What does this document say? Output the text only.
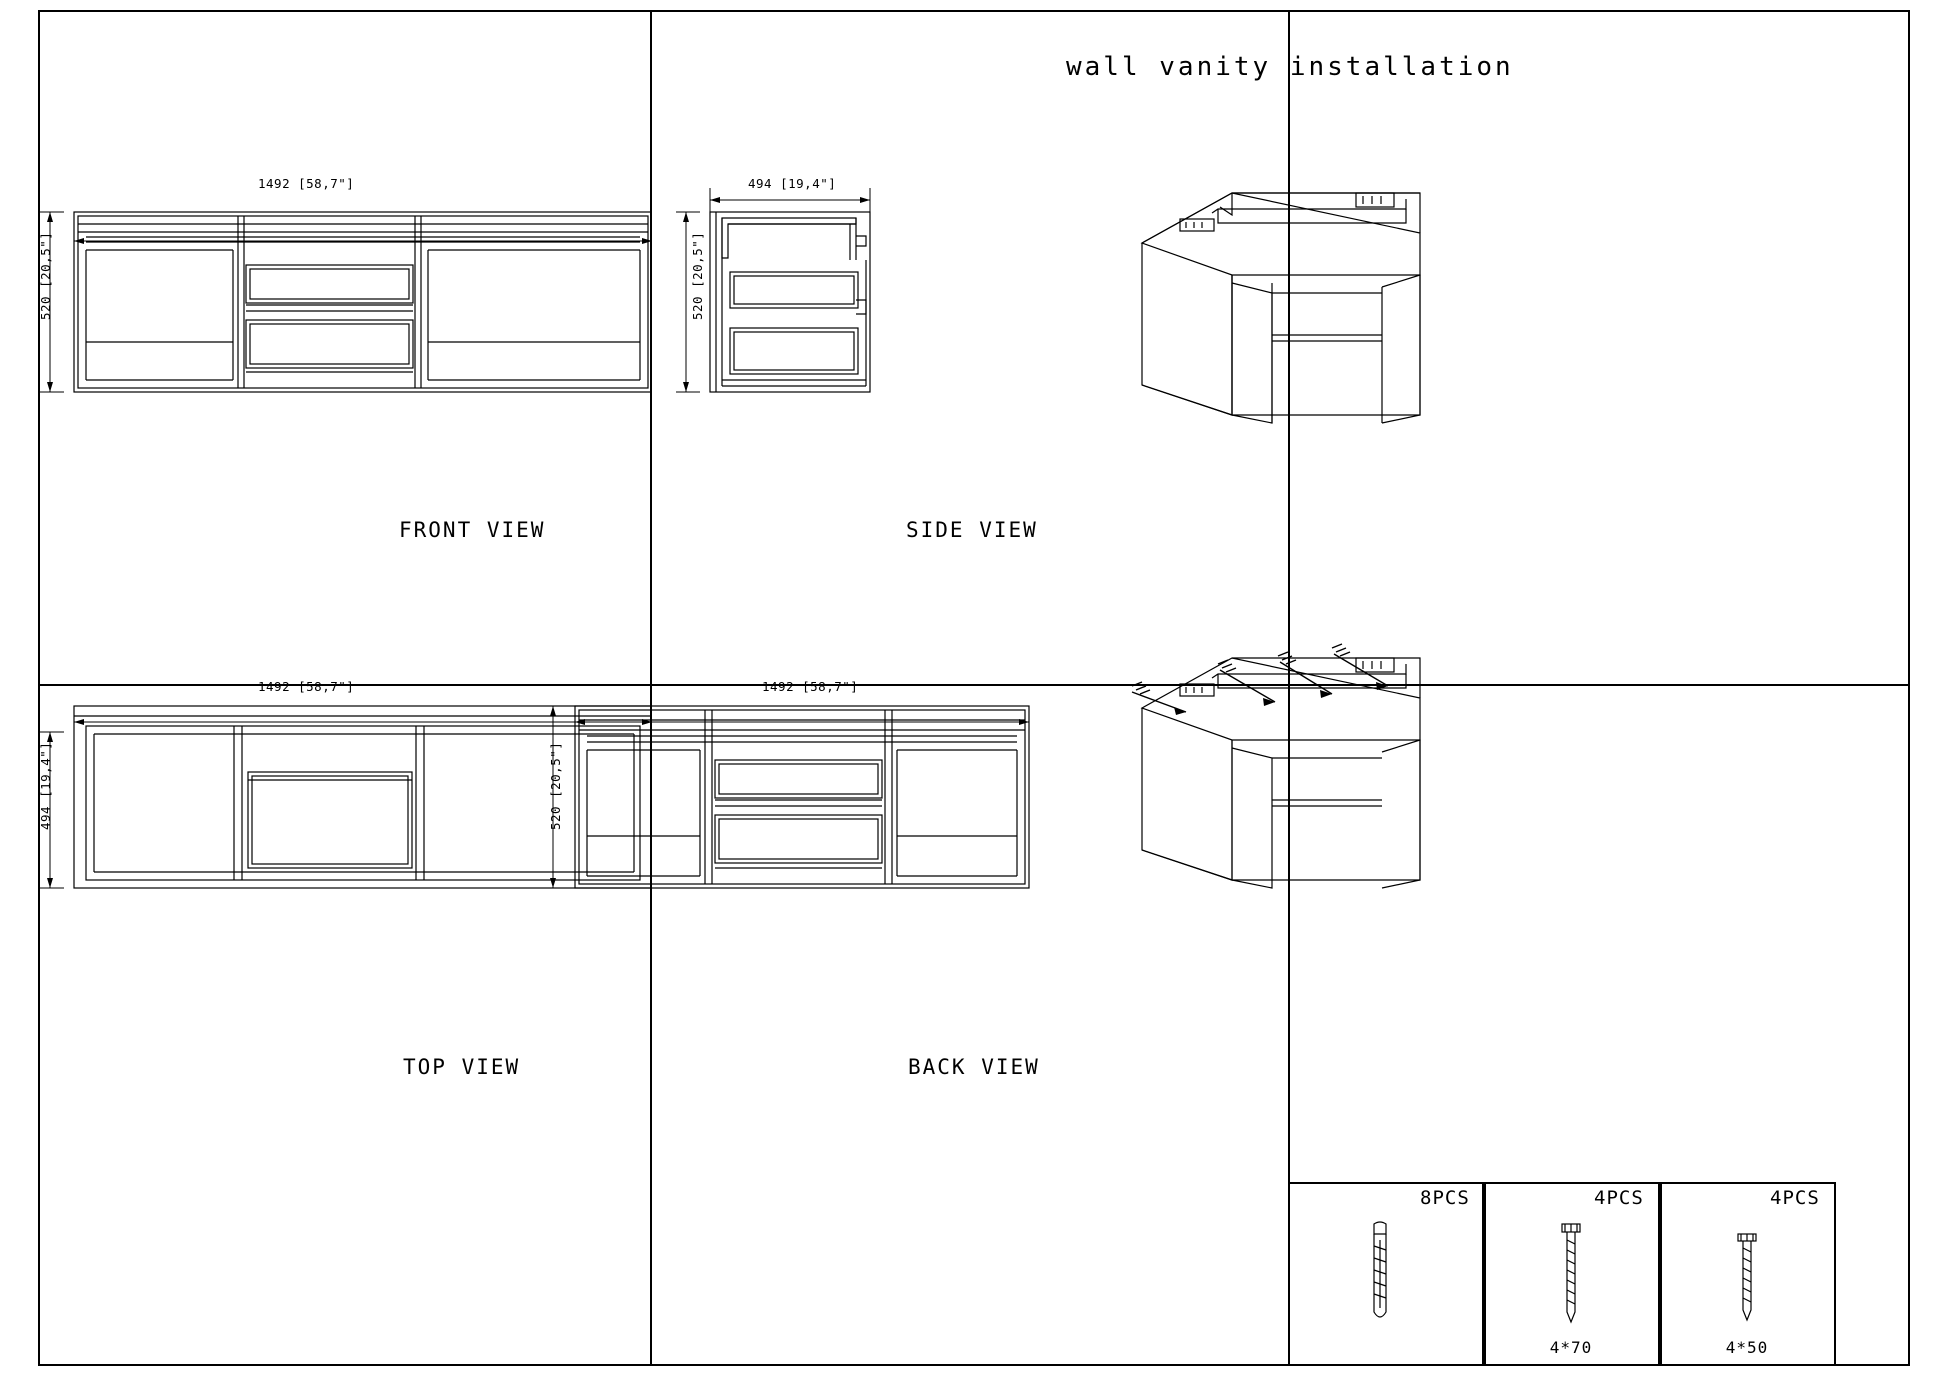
1492 [58,7"]
520 [20,5"]
FRONT VIEW
494 [19,4"]
520 [20,5"]
SIDE VIEW
wall vanity installation
1492 [58,7"]
494 [19,4"]
TOP VIEW
1492 [58,7"]
520 [20,5"]
BACK VIEW
8PCS	4PCS	4PCS
4*70	4*50
